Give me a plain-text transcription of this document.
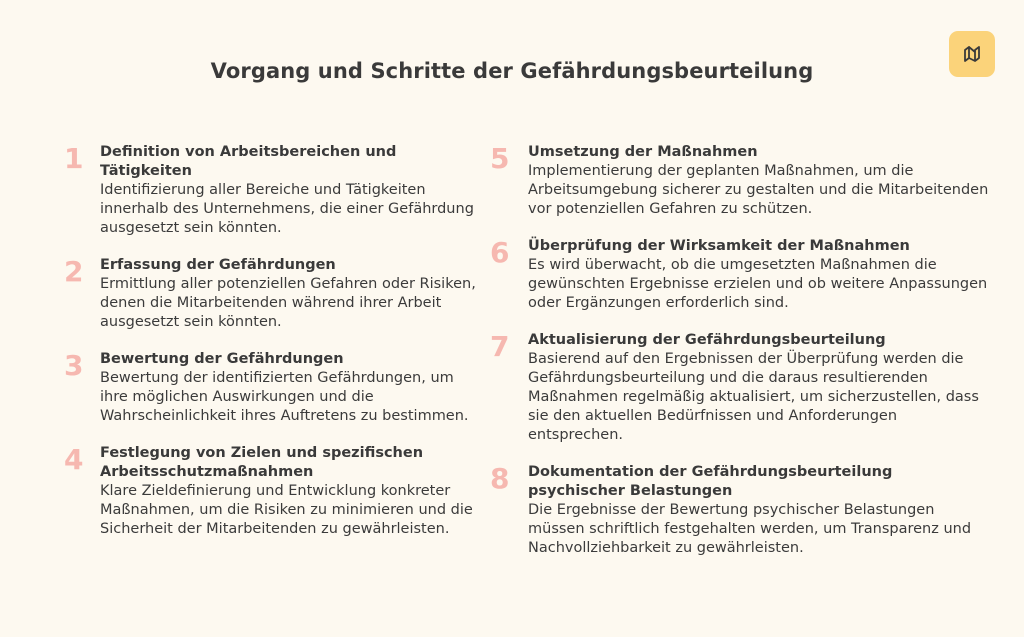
Vorgang und Schritte der Gefährdungsbeurteilung
1 Definition von Arbeitsbereichen und Tätigkeiten
Identifizierung aller Bereiche und Tätigkeiten innerhalb des Unternehmens, die einer Gefährdung ausgesetzt sein könnten.
2 Erfassung der Gefährdungen
Ermittlung aller potenziellen Gefahren oder Risiken, denen die Mitarbeitenden während ihrer Arbeit ausgesetzt sein könnten.
3 Bewertung der Gefährdungen
Bewertung der identifizierten Gefährdungen, um ihre möglichen Auswirkungen und die Wahrscheinlichkeit ihres Auftretens zu bestimmen.
4 Festlegung von Zielen und spezifischen Arbeitsschutzmaßnahmen
Klare Zieldefinierung und Entwicklung konkreter Maßnahmen, um die Risiken zu minimieren und die Sicherheit der Mitarbeitenden zu gewährleisten.
5 Umsetzung der Maßnahmen
Implementierung der geplanten Maßnahmen, um die Arbeitsumgebung sicherer zu gestalten und die Mitarbeitenden vor potenziellen Gefahren zu schützen.
6 Überprüfung der Wirksamkeit der Maßnahmen
Es wird überwacht, ob die umgesetzten Maßnahmen die gewünschten Ergebnisse erzielen und ob weitere Anpassungen oder Ergänzungen erforderlich sind.
7 Aktualisierung der Gefährdungsbeurteilung
Basierend auf den Ergebnissen der Überprüfung werden die Gefährdungsbeurteilung und die daraus resultierenden Maßnahmen regelmäßig aktualisiert, um sicherzustellen, dass sie den aktuellen Bedürfnissen und Anforderungen entsprechen.
8 Dokumentation der Gefährdungsbeurteilung psychischer Belastungen
Die Ergebnisse der Bewertung psychischer Belastungen müssen schriftlich festgehalten werden, um Transparenz und Nachvollziehbarkeit zu gewährleisten.
